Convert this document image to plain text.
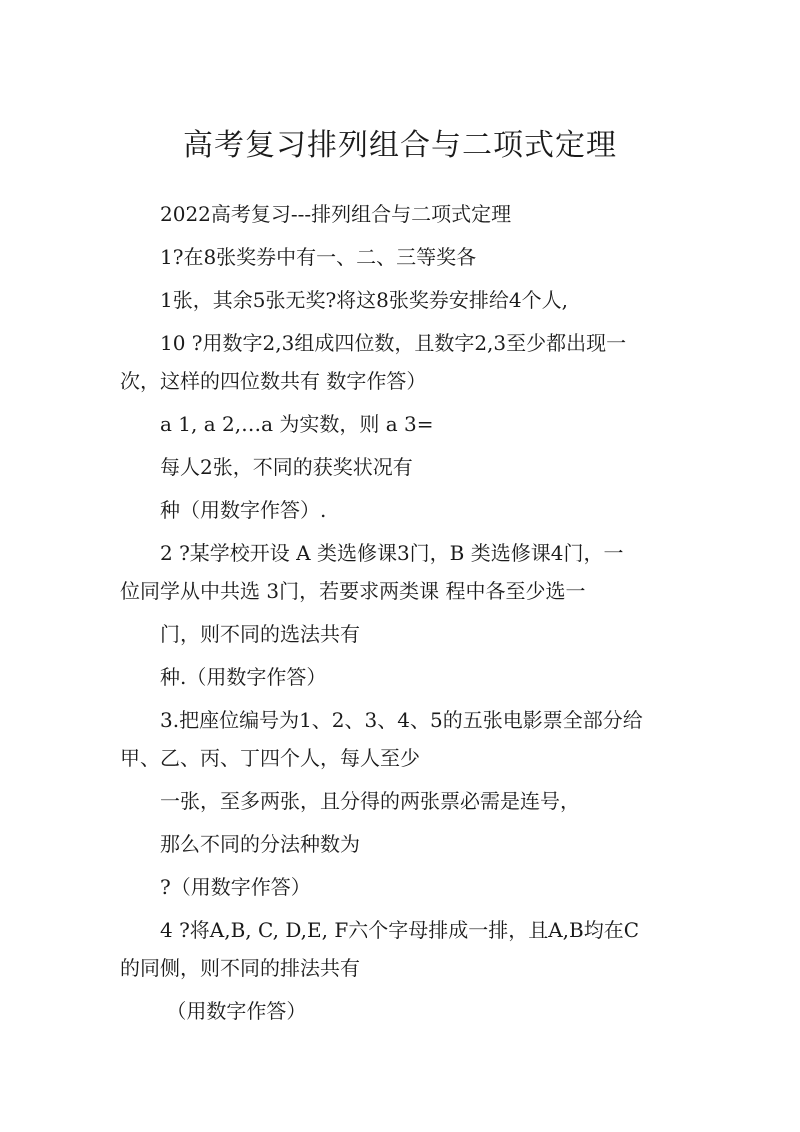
高考复习排列组合与二项式定理

2022高考复习---排列组合与二项式定理

1?在8张奖券中有一、二、三等奖各

1张，其余5张无奖?将这8张奖券安排给4个人,

10 ?用数字2,3组成四位数，且数字2,3至少都出现一

次，这样的四位数共有 数字作答）

a 1, a 2,…a 为实数，则 a 3=

每人2张，不同的获奖状况有

种（用数字作答）.

2 ?某学校开设 A 类选修课3门，B 类选修课4门，一

位同学从中共选 3门，若要求两类课 程中各至少选一

门，则不同的选法共有

种.（用数字作答）

3.把座位编号为1、2、3、4、5的五张电影票全部分给

甲、乙、丙、丁四个人，每人至少

一张，至多两张，且分得的两张票必需是连号，

那么不同的分法种数为

?（用数字作答）

4 ?将A,B, C, D,E, F六个字母排成一排，且A,B均在C

的同侧，则不同的排法共有

（用数字作答）
